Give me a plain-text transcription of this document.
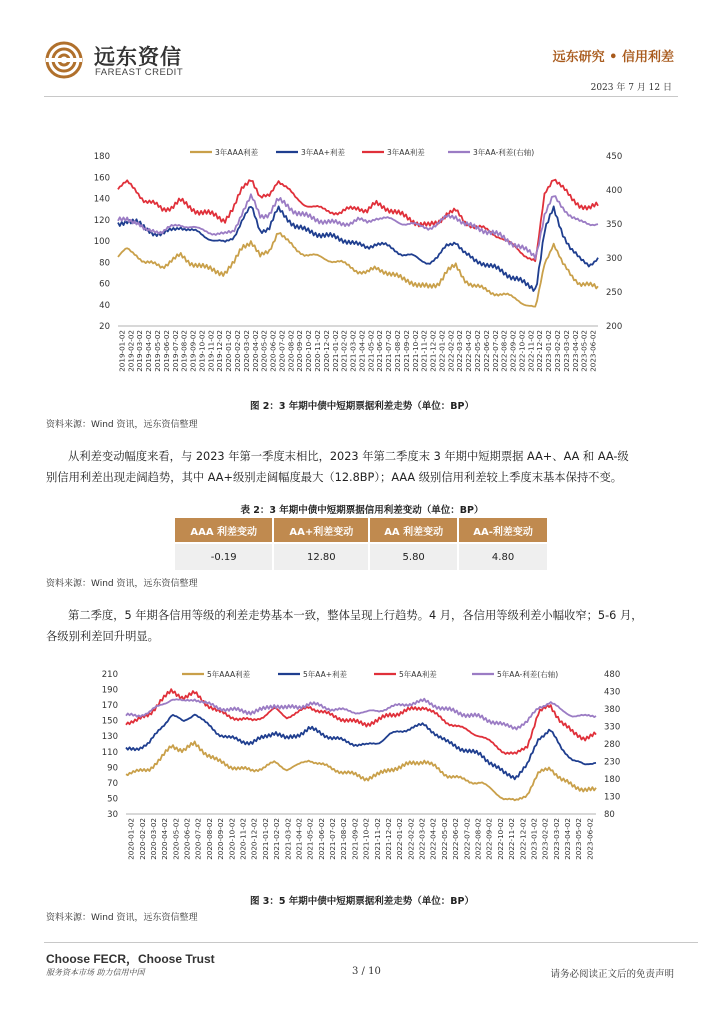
远东资信
FAREAST CREDIT
远东研究 • 信用利差
2023 年 7 月 12 日
20
40
60
80
100
120
140
160
180
200
250
300
350
400
450
2019-01-02 2019-02-02 2019-03-02 2019-04-02 2019-05-02 2019-06-02 2019-07-02 2019-08-02 2019-09-02 2019-10-02 2019-11-02 2019-12-02 2020-01-02 2020-02-02 2020-03-02 2020-04-02 2020-05-02 2020-06-02 2020-07-02 2020-08-02 2020-09-02 2020-10-02 2020-11-02 2020-12-02 2021-01-02 2021-02-02 2021-03-02 2021-04-02 2021-05-02 2021-06-02 2021-07-02 2021-08-02 2021-09-02 2021-10-02 2021-11-02 2021-12-02 2022-01-02 2022-02-02 2022-03-02 2022-04-02 2022-05-02 2022-06-02 2022-07-02 2022-08-02 2022-09-02 2022-10-02 2022-11-02 2022-12-02 2023-01-02 2023-02-02 2023-03-02 2023-04-02 2023-05-02 2023-06-02
3年AAA利差	3年AA+利差	3年AA利差	3年AA-利差(右轴)
图 2：3 年期中债中短期票据利差走势（单位：BP）
资料来源：Wind 资讯，远东资信整理
从利差变动幅度来看，与 2023 年第一季度末相比，2023 年第二季度末 3 年期中短期票据 AA+、AA 和 AA-级
别信用利差出现走阔趋势，其中 AA+级别走阔幅度最大（12.8BP）；AAA 级别信用利差较上季度末基本保持不变。
表 2：3 年期中债中短期票据信用利差变动（单位：BP）
AAA 利差变动	AA+利差变动	AA 利差变动	AA-利差变动
-0.19	12.80	5.80	4.80
资料来源：Wind 资讯，远东资信整理
第二季度，5 年期各信用等级的利差走势基本一致，整体呈现上行趋势。4 月，各信用等级利差小幅收窄；5-6 月，
各级别利差回升明显。
30
50
70
90
110
130
150
170
190
210
80
130
180
230
280
330
380
430
480
2020-01-02 2020-02-02 2020-03-02 2020-04-02 2020-05-02 2020-06-02 2020-07-02 2020-08-02 2020-09-02 2020-10-02 2020-11-02 2020-12-02 2021-01-02 2021-02-02 2021-03-02 2021-04-02 2021-05-02 2021-06-02 2021-07-02 2021-08-02 2021-09-02 2021-10-02 2021-11-02 2021-12-02 2022-01-02 2022-02-02 2022-03-02 2022-04-02 2022-05-02 2022-06-02 2022-07-02 2022-08-02 2022-09-02 2022-10-02 2022-11-02 2022-12-02 2023-01-02 2023-02-02 2023-03-02 2023-04-02 2023-05-02 2023-06-02
5年AAA利差	5年AA+利差	5年AA利差	5年AA-利差(右轴)
图 3：5 年期中债中短期票据利差走势（单位：BP）
资料来源：Wind 资讯，远东资信整理
Choose FECR，Choose Trust
服务资本市场 助力信用中国	3 / 10	请务必阅读正文后的免责声明
